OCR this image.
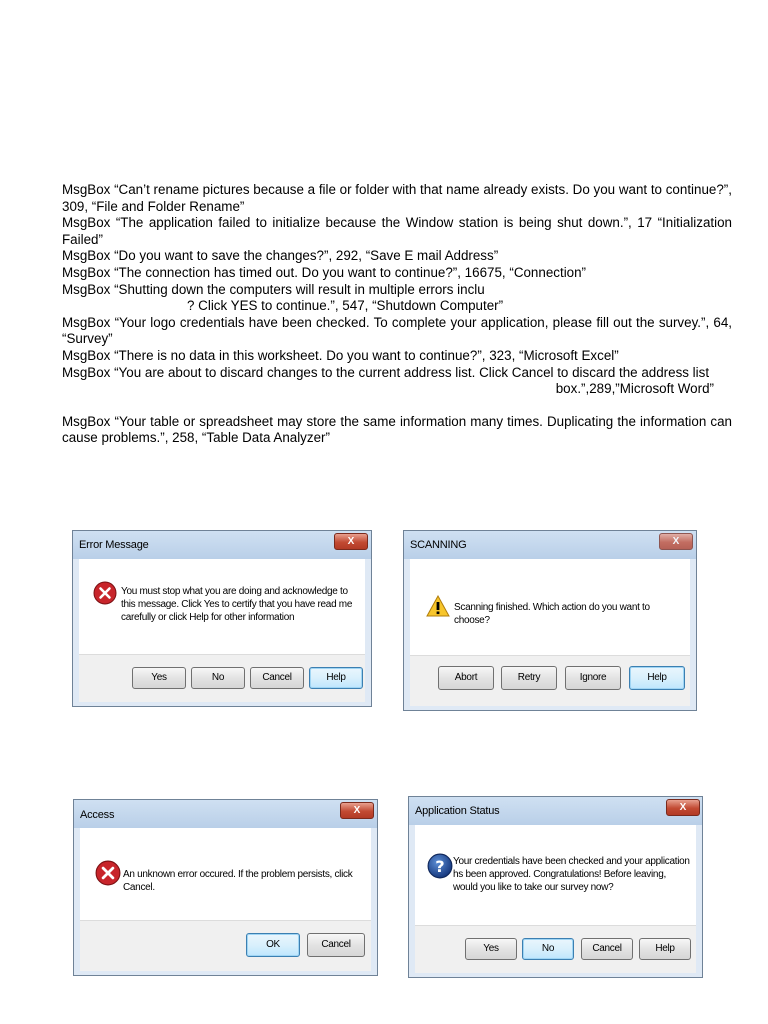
MsgBox “Can’t rename pictures because a file or folder with that name already exists. Do you want to continue?”, 309, “File and Folder Rename”

MsgBox “The application failed to initialize because the Window station is being shut down.”, 17 “Initialization Failed”

MsgBox “Do you want to save the changes?”, 292, “Save E mail Address”

MsgBox “The connection has timed out. Do you want to continue?”, 16675, “Connection”

MsgBox “Shutting down the computers will result in multiple errors inclu

? Click YES to continue.”, 547, “Shutdown Computer”

MsgBox “Your logo credentials have been checked. To complete your application, please fill out the survey.”, 64, “Survey”

MsgBox “There is no data in this worksheet. Do you want to continue?”, 323, “Microsoft Excel”

MsgBox “You are about to discard changes to the current address list. Click Cancel to discard the address list

box.”,289,”Microsoft Word”

MsgBox “Your table or spreadsheet may store the same information many times. Duplicating the information can cause problems.”, 258, “Table Data Analyzer”

Error Message	X
You must stop what you are doing and acknowledge to this message. Click Yes to certify that you have read me carefully or click Help for other information
Yes	No	Cancel	Help
SCANNING	X
Scanning finished. Which action do you want to choose?
Abort	Retry	Ignore	Help
Access	X
An unknown error occured. If the problem persists, click Cancel.
OK	Cancel
Application Status	X
? Your credentials have been checked and your application hs been approved. Congratulations! Before leaving, would you like to take our survey now?
Yes	No	Cancel	Help
